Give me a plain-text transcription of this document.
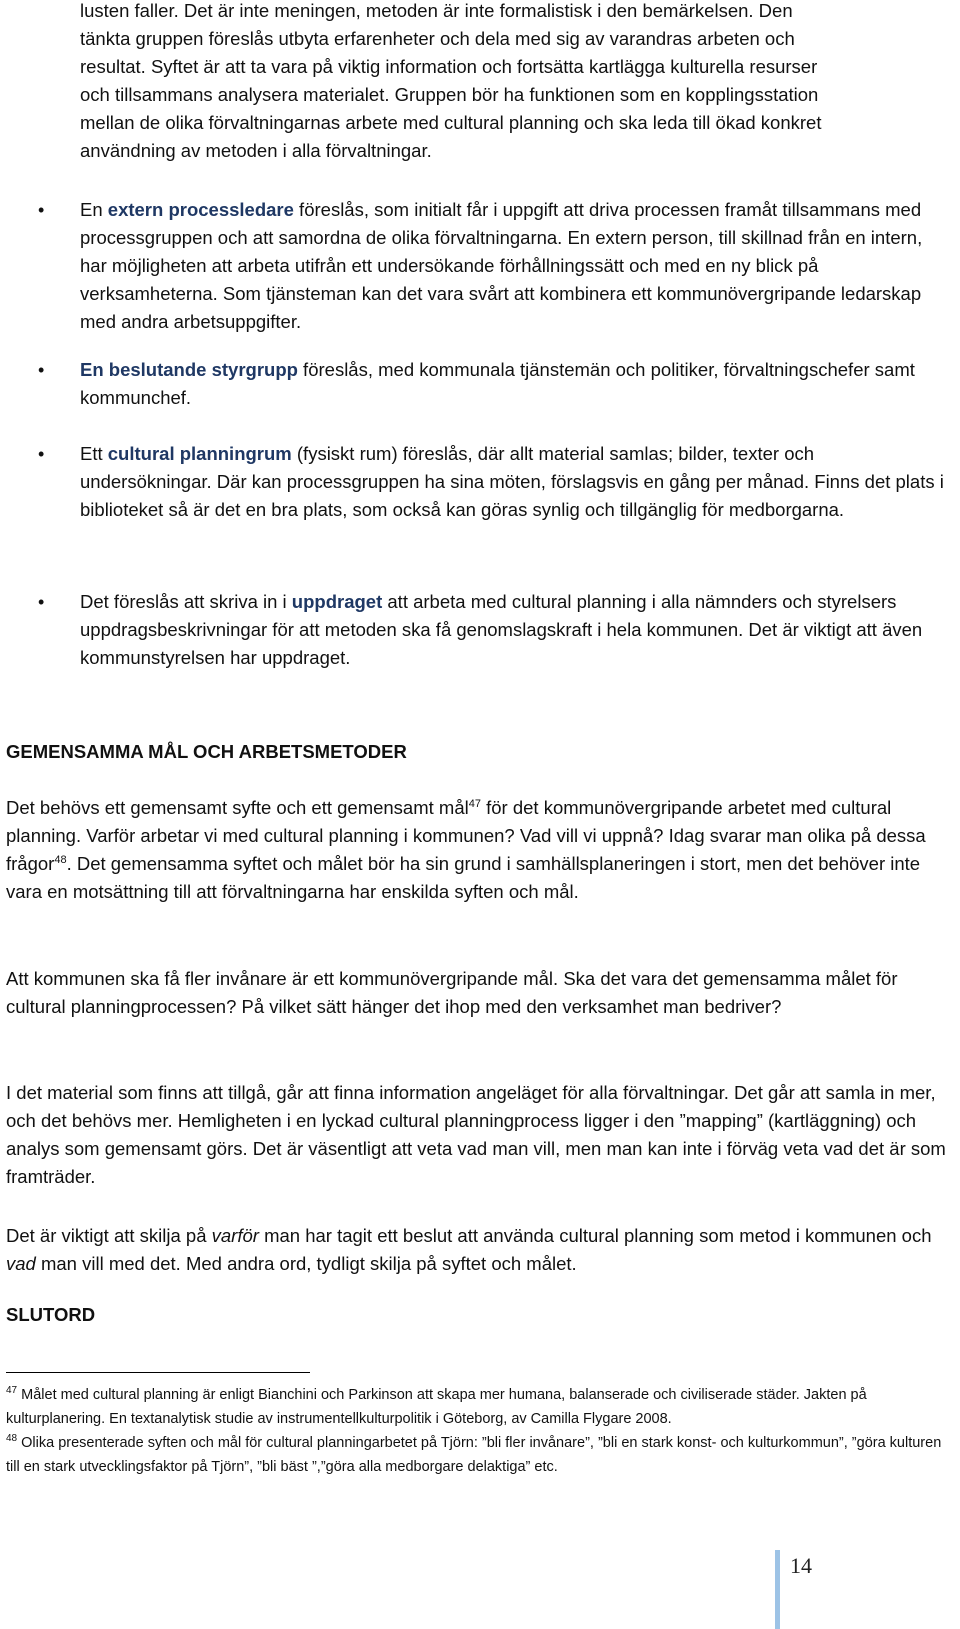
lusten faller. Det är inte meningen, metoden är inte formalistisk i den bemärkelsen. Den

tänkta gruppen föreslås utbyta erfarenheter och dela med sig av varandras arbeten och

resultat. Syftet är att ta vara på viktig information och fortsätta kartlägga kulturella resurser

och tillsammans analysera materialet. Gruppen bör ha funktionen som en kopplingsstation

mellan de olika förvaltningarnas arbete med cultural planning och ska leda till ökad konkret

användning av metoden i alla förvaltningar.

• En extern processledare föreslås, som initialt får i uppgift att driva processen framåt tillsammans med processgruppen och att samordna de olika förvaltningarna. En extern person, till skillnad från en intern, har möjligheten att arbeta utifrån ett undersökande förhållningssätt och med en ny blick på verksamheterna. Som tjänsteman kan det vara svårt att kombinera ett kommunövergripande ledarskap med andra arbetsuppgifter.

• En beslutande styrgrupp föreslås, med kommunala tjänstemän och politiker, förvaltningschefer samt kommunchef.

• Ett cultural planningrum (fysiskt rum) föreslås, där allt material samlas; bilder, texter och undersökningar. Där kan processgruppen ha sina möten, förslagsvis en gång per månad. Finns det plats i biblioteket så är det en bra plats, som också kan göras synlig och tillgänglig för medborgarna.

• Det föreslås att skriva in i uppdraget att arbeta med cultural planning i alla nämnders och styrelsers uppdragsbeskrivningar för att metoden ska få genomslagskraft i hela kommunen. Det är viktigt att även kommunstyrelsen har uppdraget.

GEMENSAMMA MÅL OCH ARBETSMETODER

Det behövs ett gemensamt syfte och ett gemensamt mål$^{47}$ för det kommunövergripande arbetet med cultural planning. Varför arbetar vi med cultural planning i kommunen? Vad vill vi uppnå? Idag svarar man olika på dessa frågor$^{48}$. Det gemensamma syftet och målet bör ha sin grund i samhällsplaneringen i stort, men det behöver inte vara en motsättning till att förvaltningarna har enskilda syften och mål.

Att kommunen ska få fler invånare är ett kommunövergripande mål. Ska det vara det gemensamma målet för cultural planningprocessen? På vilket sätt hänger det ihop med den verksamhet man bedriver?

I det material som finns att tillgå, går att finna information angeläget för alla förvaltningar. Det går att samla in mer, och det behövs mer. Hemligheten i en lyckad cultural planningprocess ligger i den ”mapping” (kartläggning) och analys som gemensamt görs. Det är väsentligt att veta vad man vill, men man kan inte i förväg veta vad det är som framträder.

Det är viktigt att skilja på varför man har tagit ett beslut att använda cultural planning som metod i kommunen och vad man vill med det. Med andra ord, tydligt skilja på syftet och målet.

SLUTORD

$^{47}$ Målet med cultural planning är enligt Bianchini och Parkinson att skapa mer humana, balanserade och civiliserade städer. Jakten på kulturplanering. En textanalytisk studie av instrumentellkulturpolitik i Göteborg, av Camilla Flygare 2008.

$^{48}$ Olika presenterade syften och mål för cultural planningarbetet på Tjörn: ”bli fler invånare”, ”bli en stark konst- och kulturkommun”, ”göra kulturen till en stark utvecklingsfaktor på Tjörn”, ”bli bäst ”,”göra alla medborgare delaktiga” etc.

14
